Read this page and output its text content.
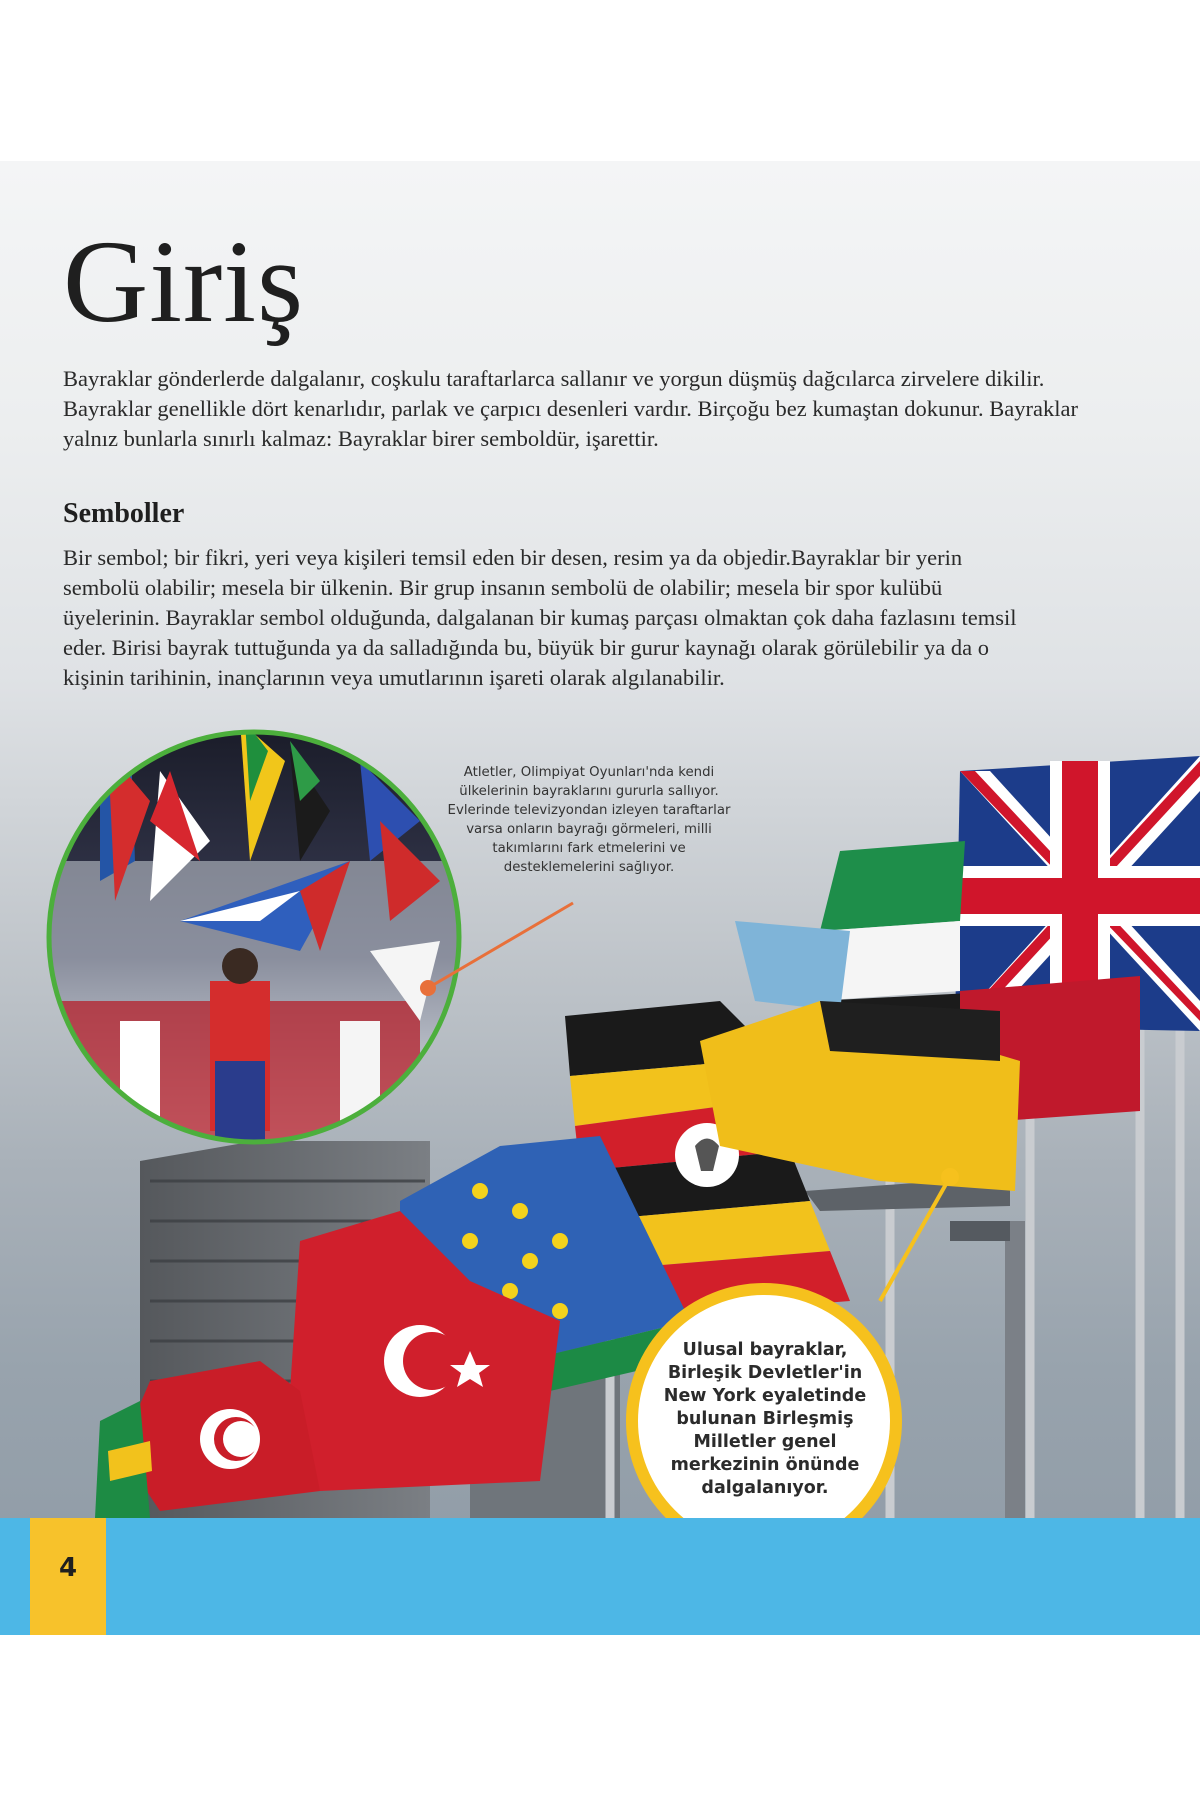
Giriş

Bayraklar gönderlerde dalgalanır, coşkulu taraftarlarca sallanır ve yorgun düşmüş dağcılarca zirvelere dikilir. Bayraklar genellikle dört kenarlıdır, parlak ve çarpıcı desenleri vardır. Birçoğu bez kumaştan dokunur. Bayraklar yalnız bunlarla sınırlı kalmaz: Bayraklar birer semboldür, işarettir.

Semboller

Bir sembol; bir fikri, yeri veya kişileri temsil eden bir desen, resim ya da objedir.Bayraklar bir yerin sembolü olabilir; mesela bir ülkenin. Bir grup insanın sembolü de olabilir; mesela bir spor kulübü üyelerinin. Bayraklar sembol olduğunda, dalgalanan bir kumaş parçası olmaktan çok daha fazlasını temsil eder. Birisi bayrak tuttuğunda ya da salladığında bu, büyük bir gurur kaynağı olarak görülebilir ya da o kişinin tarihinin, inançlarının veya umutlarının işareti olarak algılanabilir.

Atletler, Olimpiyat Oyunları'nda kendi ülkelerinin bayraklarını gururla sallıyor. Evlerinde televizyondan izleyen taraftarlar varsa onların bayrağı görmeleri, milli takımlarını fark etmelerini ve desteklemelerini sağlıyor.

Ulusal bayraklar, Birleşik Devletler'in New York eyaletinde bulunan Birleşmiş Milletler genel merkezinin önünde dalgalanıyor.

4
